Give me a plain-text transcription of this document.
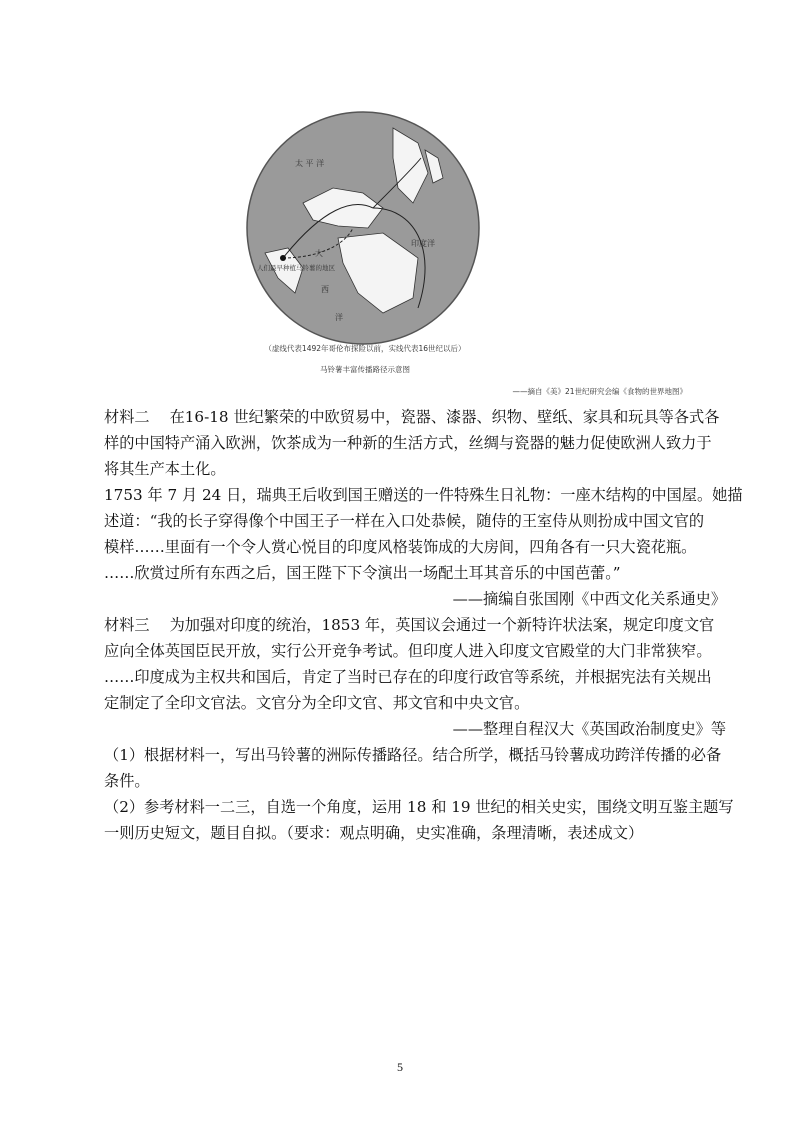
太 平 洋
印度洋
大
西
洋
人们最早种植马铃薯的地区
（虚线代表1492年哥伦布探险以前，实线代表16世纪以后）
马铃薯丰富传播路径示意图
——摘自《美》21世纪研究会编《食物的世界地图》

材料二　 在16-18 世纪繁荣的中欧贸易中，瓷器、漆器、织物、壁纸、家具和玩具等各式各

样的中国特产涌入欧洲，饮茶成为一种新的生活方式，丝绸与瓷器的魅力促使欧洲人致力于

将其生产本土化。

1753 年 7 月 24 日，瑞典王后收到国王赠送的一件特殊生日礼物：一座木结构的中国屋。她描

述道：“我的长子穿得像个中国王子一样在入口处恭候，随侍的王室侍从则扮成中国文官的

模样……里面有一个令人赏心悦目的印度风格装饰成的大房间，四角各有一只大瓷花瓶。

……欣赏过所有东西之后，国王陛下下令演出一场配土耳其音乐的中国芭蕾。”

——摘编自张国刚《中西文化关系通史》

材料三　 为加强对印度的统治，1853 年，英国议会通过一个新特许状法案，规定印度文官

应向全体英国臣民开放，实行公开竞争考试。但印度人进入印度文官殿堂的大门非常狭窄。

……印度成为主权共和国后，肯定了当时已存在的印度行政官等系统，并根据宪法有关规出

定制定了全印文官法。文官分为全印文官、邦文官和中央文官。

——整理自程汉大《英国政治制度史》等

（1）根据材料一，写出马铃薯的洲际传播路径。结合所学，概括马铃薯成功跨洋传播的必备

条件。

（2）参考材料一二三，自选一个角度，运用 18 和 19 世纪的相关史实，围绕文明互鉴主题写

一则历史短文，题目自拟。（要求：观点明确，史实准确，条理清晰，表述成文）

5
